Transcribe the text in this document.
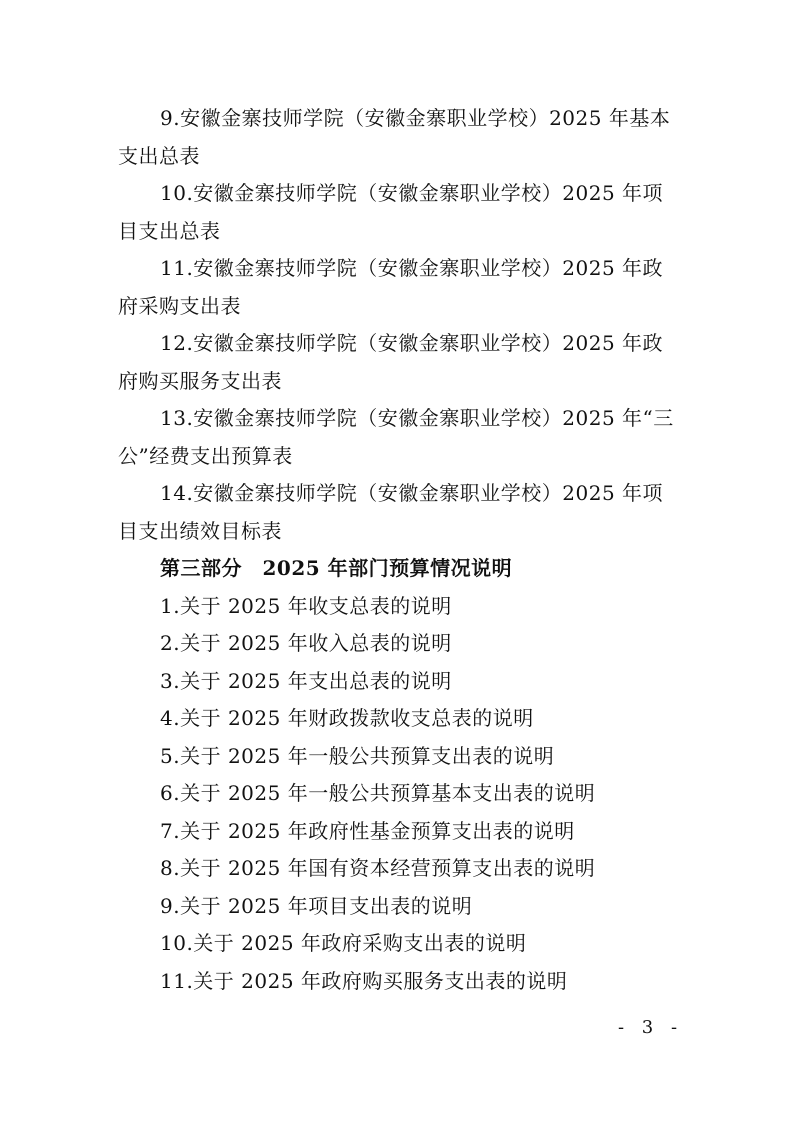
9.安徽金寨技师学院（安徽金寨职业学校）2025 年基本
支出总表
10.安徽金寨技师学院（安徽金寨职业学校）2025 年项
目支出总表
11.安徽金寨技师学院（安徽金寨职业学校）2025 年政
府采购支出表
12.安徽金寨技师学院（安徽金寨职业学校）2025 年政
府购买服务支出表
13.安徽金寨技师学院（安徽金寨职业学校）2025 年“三
公”经费支出预算表
14.安徽金寨技师学院（安徽金寨职业学校）2025 年项
目支出绩效目标表
第三部分　2025 年部门预算情况说明
1.关于 2025 年收支总表的说明
2.关于 2025 年收入总表的说明
3.关于 2025 年支出总表的说明
4.关于 2025 年财政拨款收支总表的说明
5.关于 2025 年一般公共预算支出表的说明
6.关于 2025 年一般公共预算基本支出表的说明
7.关于 2025 年政府性基金预算支出表的说明
8.关于 2025 年国有资本经营预算支出表的说明
9.关于 2025 年项目支出表的说明
10.关于 2025 年政府采购支出表的说明
11.关于 2025 年政府购买服务支出表的说明
- 3 -
